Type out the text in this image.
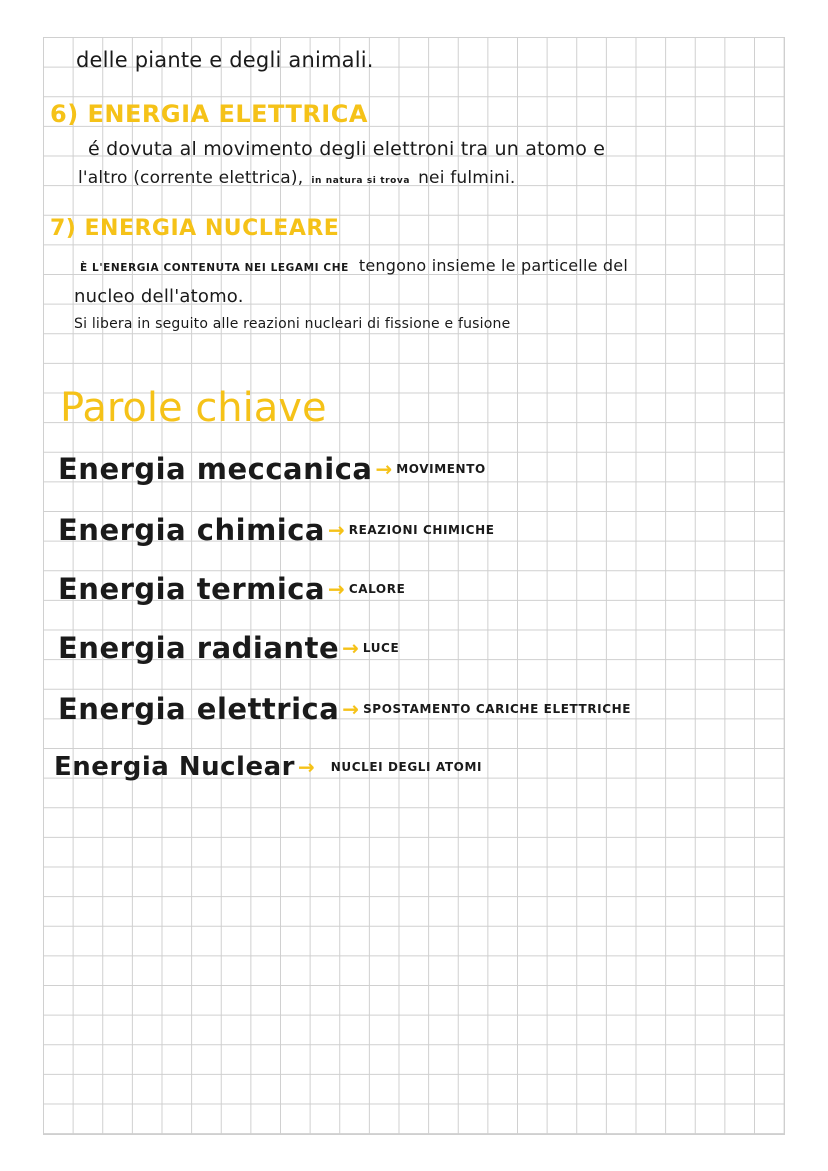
delle piante e degli animali.
6) ENERGIA ELETTRICA
é dovuta al movimento degli elettroni tra un atomo e
l'altro (corrente elettrica), in natura si trova nei fulmini.
7) ENERGIA NUCLEARE
È L'ENERGIA CONTENUTA NEI LEGAMI CHE tengono insieme le particelle del
nucleo dell'atomo.
Si libera in seguito alle reazioni nucleari di fissione e fusione
Parole chiave
Energia meccanica → MOVIMENTO
Energia chimica → REAZIONI CHIMICHE
Energia termica → CALORE
Energia radiante → LUCE
Energia elettrica → SPOSTAMENTO CARICHE ELETTRICHE
Energia Nuclear → NUCLEI DEGLI ATOMI
